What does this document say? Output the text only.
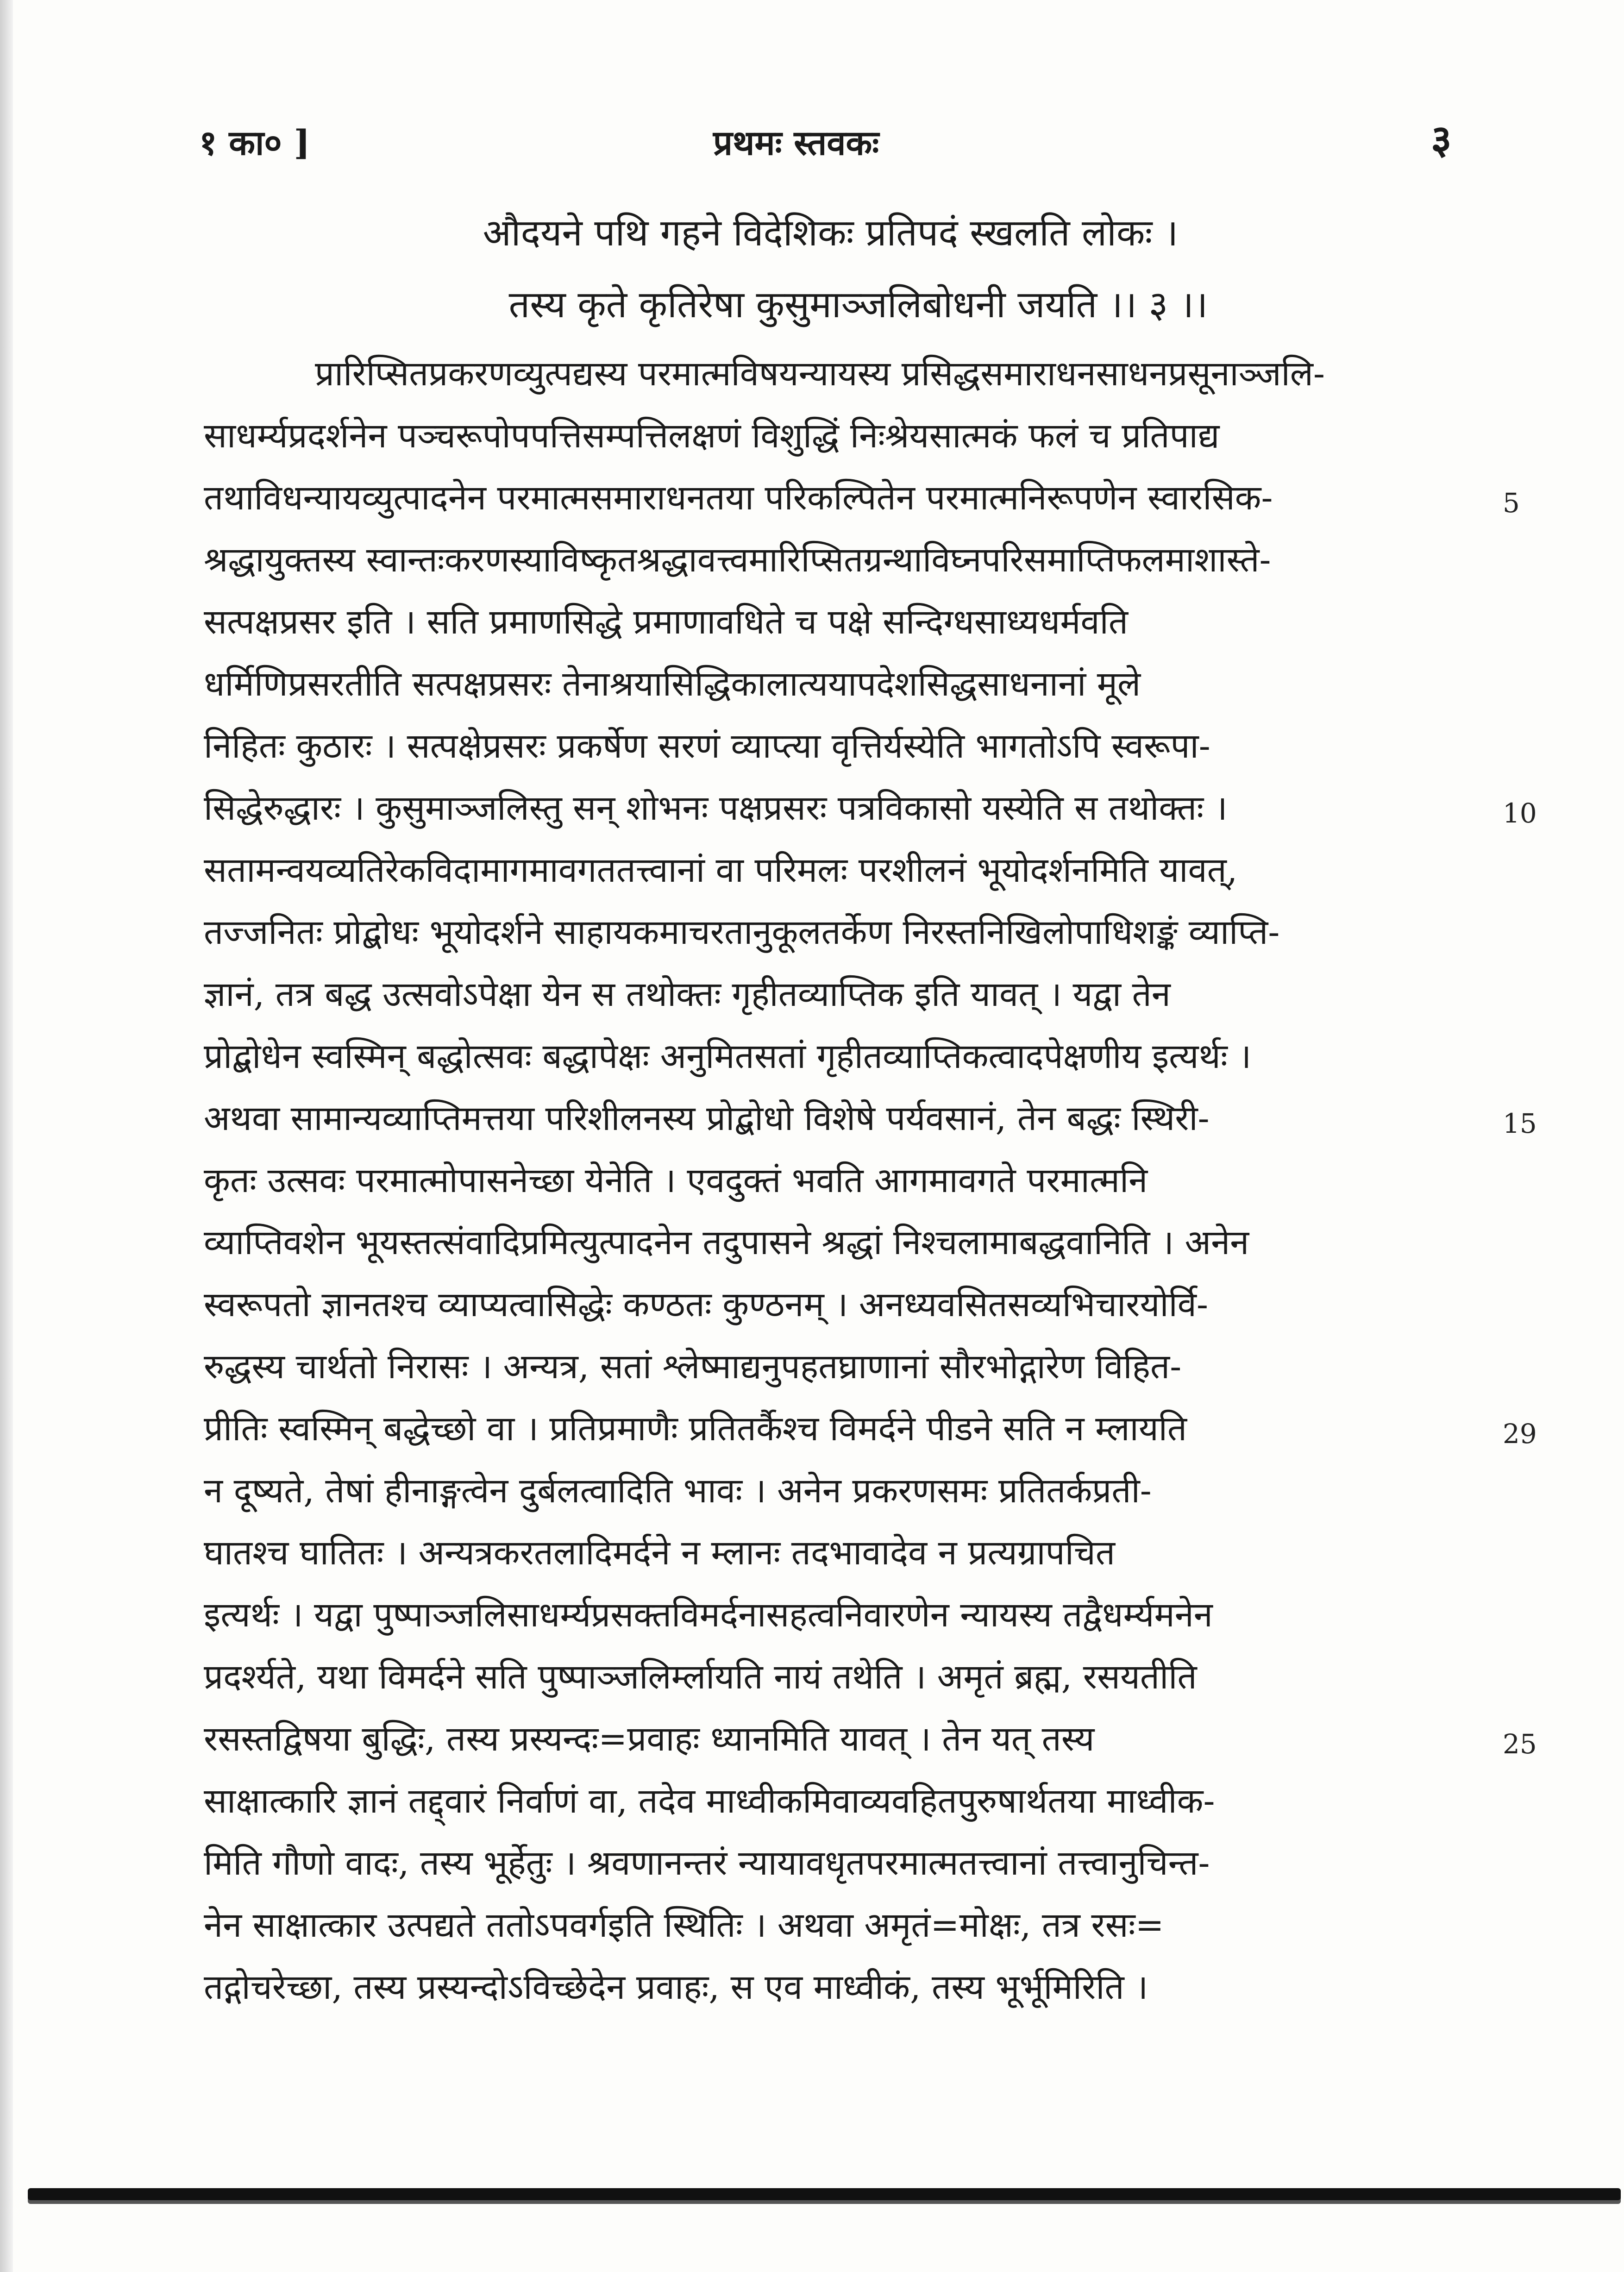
१ का० ]	प्रथमः स्तवकः	३
औदयने पथि गहने विदेशिकः प्रतिपदं स्खलति लोकः ।
तस्य कृते कृतिरेषा कुसुमाञ्जलिबोधनी जयति ।। ३ ।।
प्रारिप्सितप्रकरणव्युत्पद्यस्य परमात्मविषयन्यायस्य प्रसिद्धसमाराधनसाधनप्रसूनाञ्जलि-
साधर्म्यप्रदर्शनेन पञ्चरूपोपपत्तिसम्पत्तिलक्षणं विशुद्धिं निःश्रेयसात्मकं फलं च प्रतिपाद्य
तथाविधन्यायव्युत्पादनेन परमात्मसमाराधनतया परिकल्पितेन परमात्मनिरूपणेन स्वारसिक-
श्रद्धायुक्तस्य स्वान्तःकरणस्याविष्कृतश्रद्धावत्त्वमारिप्सितग्रन्थाविघ्नपरिसमाप्तिफलमाशास्ते-
सत्पक्षप्रसर इति । सति प्रमाणसिद्धे प्रमाणावधिते च पक्षे सन्दिग्धसाध्यधर्मवति
धर्मिणिप्रसरतीति सत्पक्षप्रसरः तेनाश्रयासिद्धिकालात्ययापदेशसिद्धसाधनानां मूले
निहितः कुठारः । सत्पक्षेप्रसरः प्रकर्षेण सरणं व्याप्त्या वृत्तिर्यस्येति भागतोऽपि स्वरूपा-
सिद्धेरुद्धारः । कुसुमाञ्जलिस्तु सन् शोभनः पक्षप्रसरः पत्रविकासो यस्येति स तथोक्तः ।
सतामन्वयव्यतिरेकविदामागमावगततत्त्वानां वा परिमलः परशीलनं भूयोदर्शनमिति यावत्,
तज्जनितः प्रोद्बोधः भूयोदर्शने साहायकमाचरतानुकूलतर्केण निरस्तनिखिलोपाधिशङ्कं व्याप्ति-
ज्ञानं, तत्र बद्ध उत्सवोऽपेक्षा येन स तथोक्तः गृहीतव्याप्तिक इति यावत् । यद्वा तेन
प्रोद्बोधेन स्वस्मिन् बद्धोत्सवः बद्धापेक्षः अनुमितसतां गृहीतव्याप्तिकत्वादपेक्षणीय इत्यर्थः ।
अथवा सामान्यव्याप्तिमत्तया परिशीलनस्य प्रोद्बोधो विशेषे पर्यवसानं, तेन बद्धः स्थिरी-
कृतः उत्सवः परमात्मोपासनेच्छा येनेति । एवदुक्तं भवति आगमावगते परमात्मनि
व्याप्तिवशेन भूयस्तत्संवादिप्रमित्युत्पादनेन तदुपासने श्रद्धां निश्चलामाबद्धवानिति । अनेन
स्वरूपतो ज्ञानतश्च व्याप्यत्वासिद्धेः कण्ठतः कुण्ठनम् । अनध्यवसितसव्यभिचारयोर्वि-
रुद्धस्य चार्थतो निरासः । अन्यत्र, सतां श्लेष्माद्यनुपहतघ्राणानां सौरभोद्गारेण विहित-
प्रीतिः स्वस्मिन् बद्धेच्छो वा । प्रतिप्रमाणैः प्रतितर्कैश्च विमर्दने पीडने सति न म्लायति
न दूष्यते, तेषां हीनाङ्गत्वेन दुर्बलत्वादिति भावः । अनेन प्रकरणसमः प्रतितर्कप्रती-
घातश्च घातितः । अन्यत्रकरतलादिमर्दने न म्लानः तदभावादेव न प्रत्यग्रापचित
इत्यर्थः । यद्वा पुष्पाञ्जलिसाधर्म्यप्रसक्तविमर्दनासहत्वनिवारणेन न्यायस्य तद्वैधर्म्यमनेन
प्रदर्श्यते, यथा विमर्दने सति पुष्पाञ्जलिर्म्लायति नायं तथेति । अमृतं ब्रह्म, रसयतीति
रसस्तद्विषया बुद्धिः, तस्य प्रस्यन्दः=प्रवाहः ध्यानमिति यावत् । तेन यत् तस्य
साक्षात्कारि ज्ञानं तद्द्वारं निर्वाणं वा, तदेव माध्वीकमिवाव्यवहितपुरुषार्थतया माध्वीक-
मिति गौणो वादः, तस्य भूर्हेतुः । श्रवणानन्तरं न्यायावधृतपरमात्मतत्त्वानां तत्त्वानुचिन्त-
नेन साक्षात्कार उत्पद्यते ततोऽपवर्गइति स्थितिः । अथवा अमृतं=मोक्षः, तत्र रसः=
तद्गोचरेच्छा, तस्य प्रस्यन्दोऽविच्छेदेन प्रवाहः, स एव माध्वीकं, तस्य भूर्भूमिरिति ।
5
10
15
29
25
